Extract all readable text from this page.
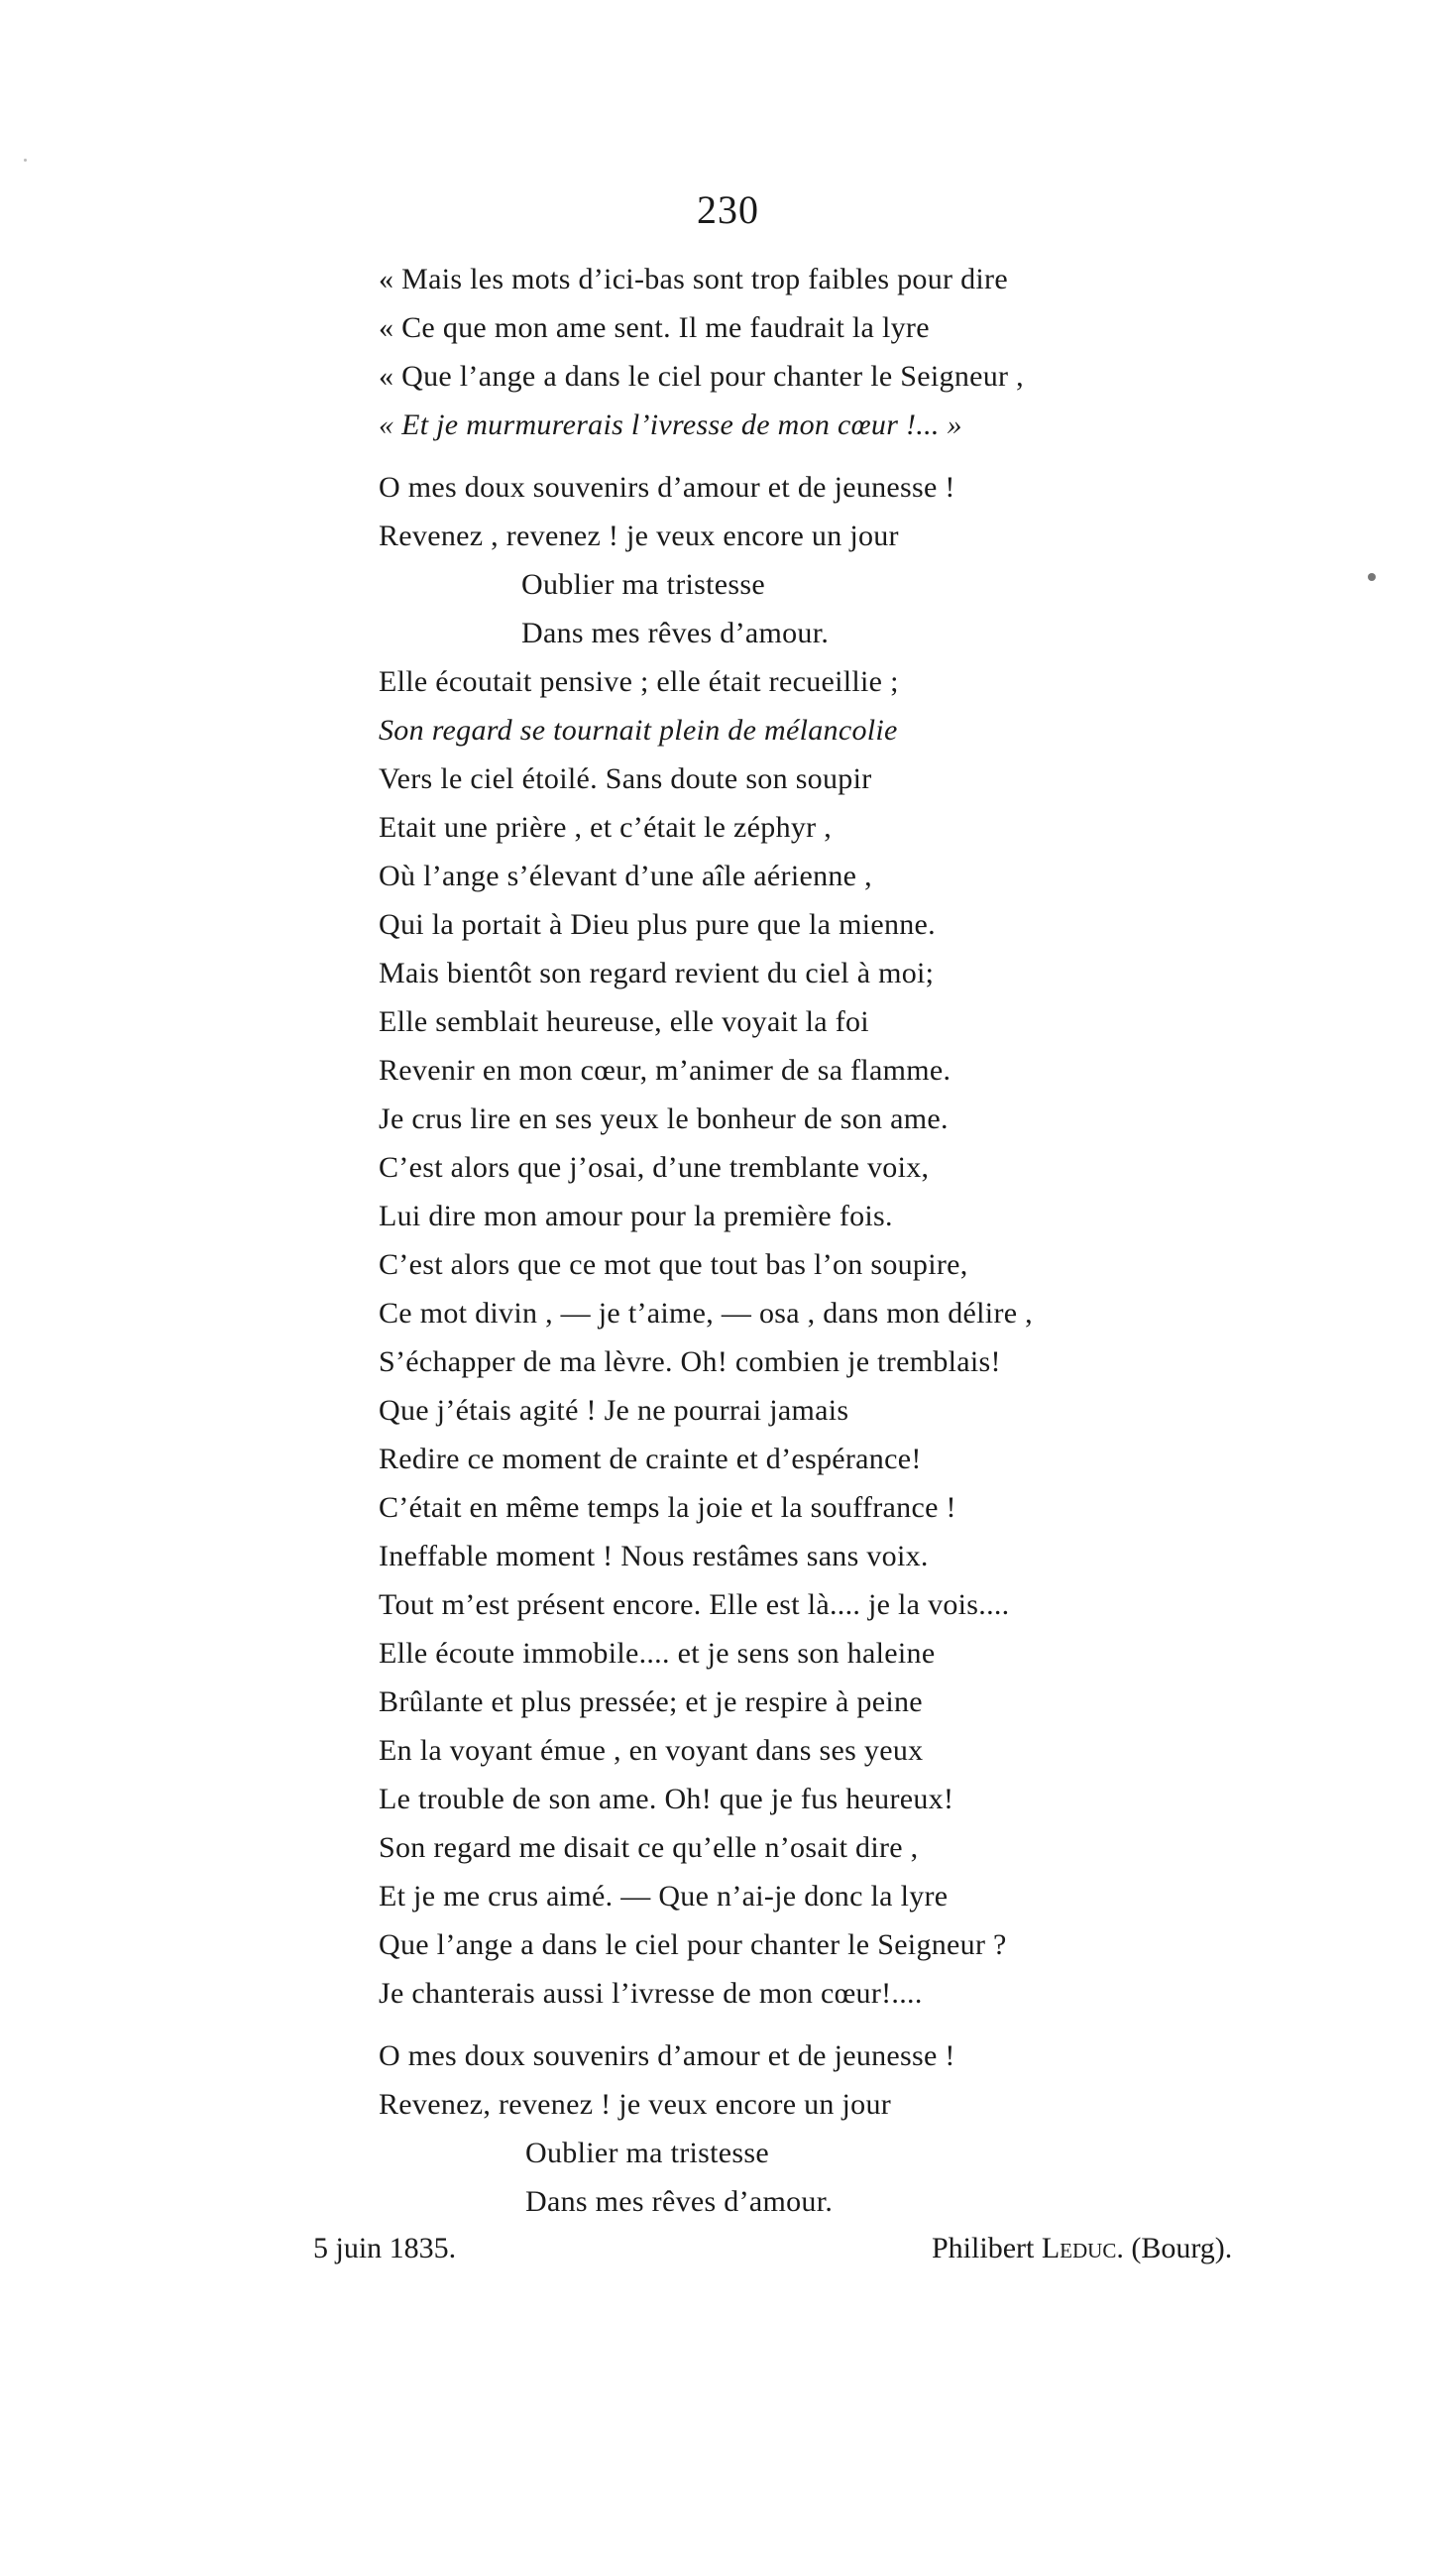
230
« Mais les mots d’ici-bas sont trop faibles pour dire
« Ce que mon ame sent. Il me faudrait la lyre
« Que l’ange a dans le ciel pour chanter le Seigneur ,
« Et je murmurerais l’ivresse de mon cœur !... »
O mes doux souvenirs d’amour et de jeunesse !
Revenez , revenez ! je veux encore un jour
Oublier ma tristesse
Dans mes rêves d’amour.
Elle écoutait pensive ; elle était recueillie ;
Son regard se tournait plein de mélancolie
Vers le ciel étoilé. Sans doute son soupir
Etait une prière , et c’était le zéphyr ,
Où l’ange s’élevant d’une aîle aérienne ,
Qui la portait à Dieu plus pure que la mienne.
Mais bientôt son regard revient du ciel à moi;
Elle semblait heureuse, elle voyait la foi
Revenir en mon cœur, m’animer de sa flamme.
Je crus lire en ses yeux le bonheur de son ame.
C’est alors que j’osai, d’une tremblante voix,
Lui dire mon amour pour la première fois.
C’est alors que ce mot que tout bas l’on soupire,
Ce mot divin , — je t’aime, — osa , dans mon délire ,
S’échapper de ma lèvre. Oh! combien je tremblais!
Que j’étais agité ! Je ne pourrai jamais
Redire ce moment de crainte et d’espérance!
C’était en même temps la joie et la souffrance !
Ineffable moment ! Nous restâmes sans voix.
Tout m’est présent encore. Elle est là.... je la vois....
Elle écoute immobile.... et je sens son haleine
Brûlante et plus pressée; et je respire à peine
En la voyant émue , en voyant dans ses yeux
Le trouble de son ame. Oh! que je fus heureux!
Son regard me disait ce qu’elle n’osait dire ,
Et je me crus aimé. — Que n’ai-je donc la lyre
Que l’ange a dans le ciel pour chanter le Seigneur ?
Je chanterais aussi l’ivresse de mon cœur!....
O mes doux souvenirs d’amour et de jeunesse !
Revenez, revenez ! je veux encore un jour
Oublier ma tristesse
Dans mes rêves d’amour.
5 juin 1835.	Philibert Leduc. (Bourg).
